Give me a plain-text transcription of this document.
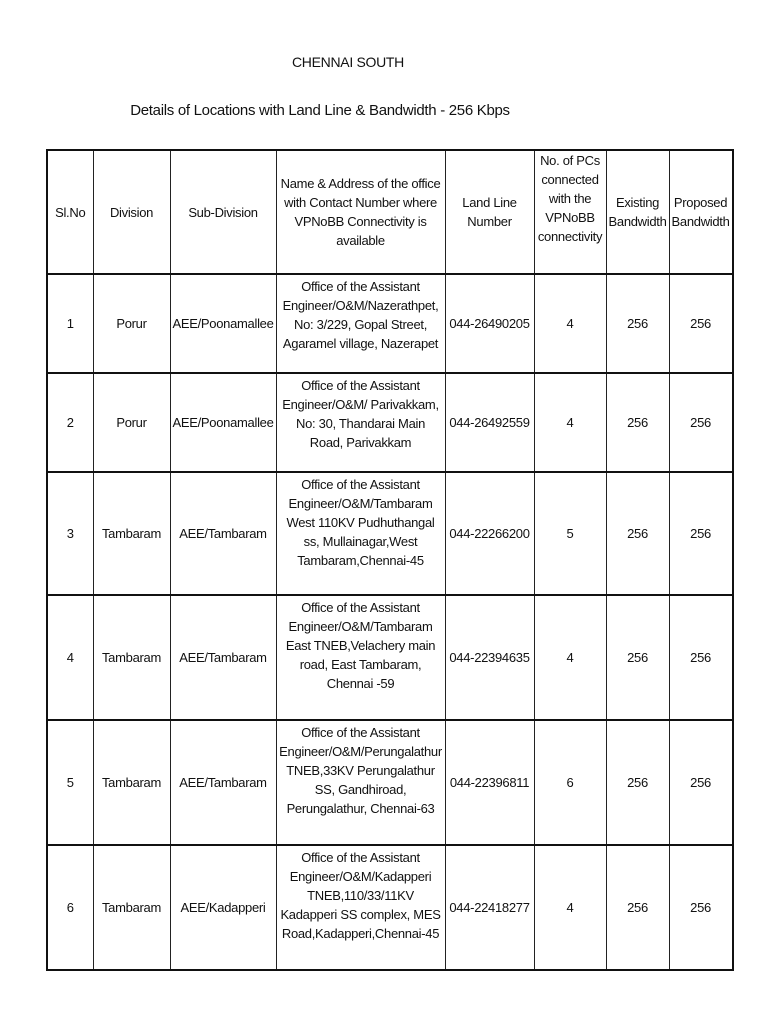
CHENNAI SOUTH
Details of Locations with Land Line & Bandwidth - 256 Kbps
Sl.No	Division	Sub-Division	Name & Address of the office with Contact Number where VPNoBB Connectivity is available	Land Line Number	No. of PCs connected with the VPNoBB connectivity	Existing Bandwidth	Proposed Bandwidth

1	Porur	AEE/Poonamallee	Office of the Assistant Engineer/O&M/Nazerathpet, No: 3/229, Gopal Street, Agaramel village, Nazerapet	044-26490205	4	256	256
2	Porur	AEE/Poonamallee	Office of the Assistant Engineer/O&M/ Parivakkam, No: 30, Thandarai Main Road, Parivakkam	044-26492559	4	256	256
3	Tambaram	AEE/Tambaram	Office of the Assistant Engineer/O&M/Tambaram West 110KV Pudhuthangal ss, Mullainagar,West Tambaram,Chennai-45	044-22266200	5	256	256
4	Tambaram	AEE/Tambaram	Office of the Assistant Engineer/O&M/Tambaram East TNEB,Velachery main road, East Tambaram, Chennai -59	044-22394635	4	256	256
5	Tambaram	AEE/Tambaram	Office of the Assistant Engineer/O&M/Perungalathur TNEB,33KV Perungalathur SS, Gandhiroad, Perungalathur, Chennai-63	044-22396811	6	256	256
6	Tambaram	AEE/Kadapperi	Office of the Assistant Engineer/O&M/Kadapperi TNEB,110/33/11KV Kadapperi SS complex, MES Road,Kadapperi,Chennai-45	044-22418277	4	256	256
